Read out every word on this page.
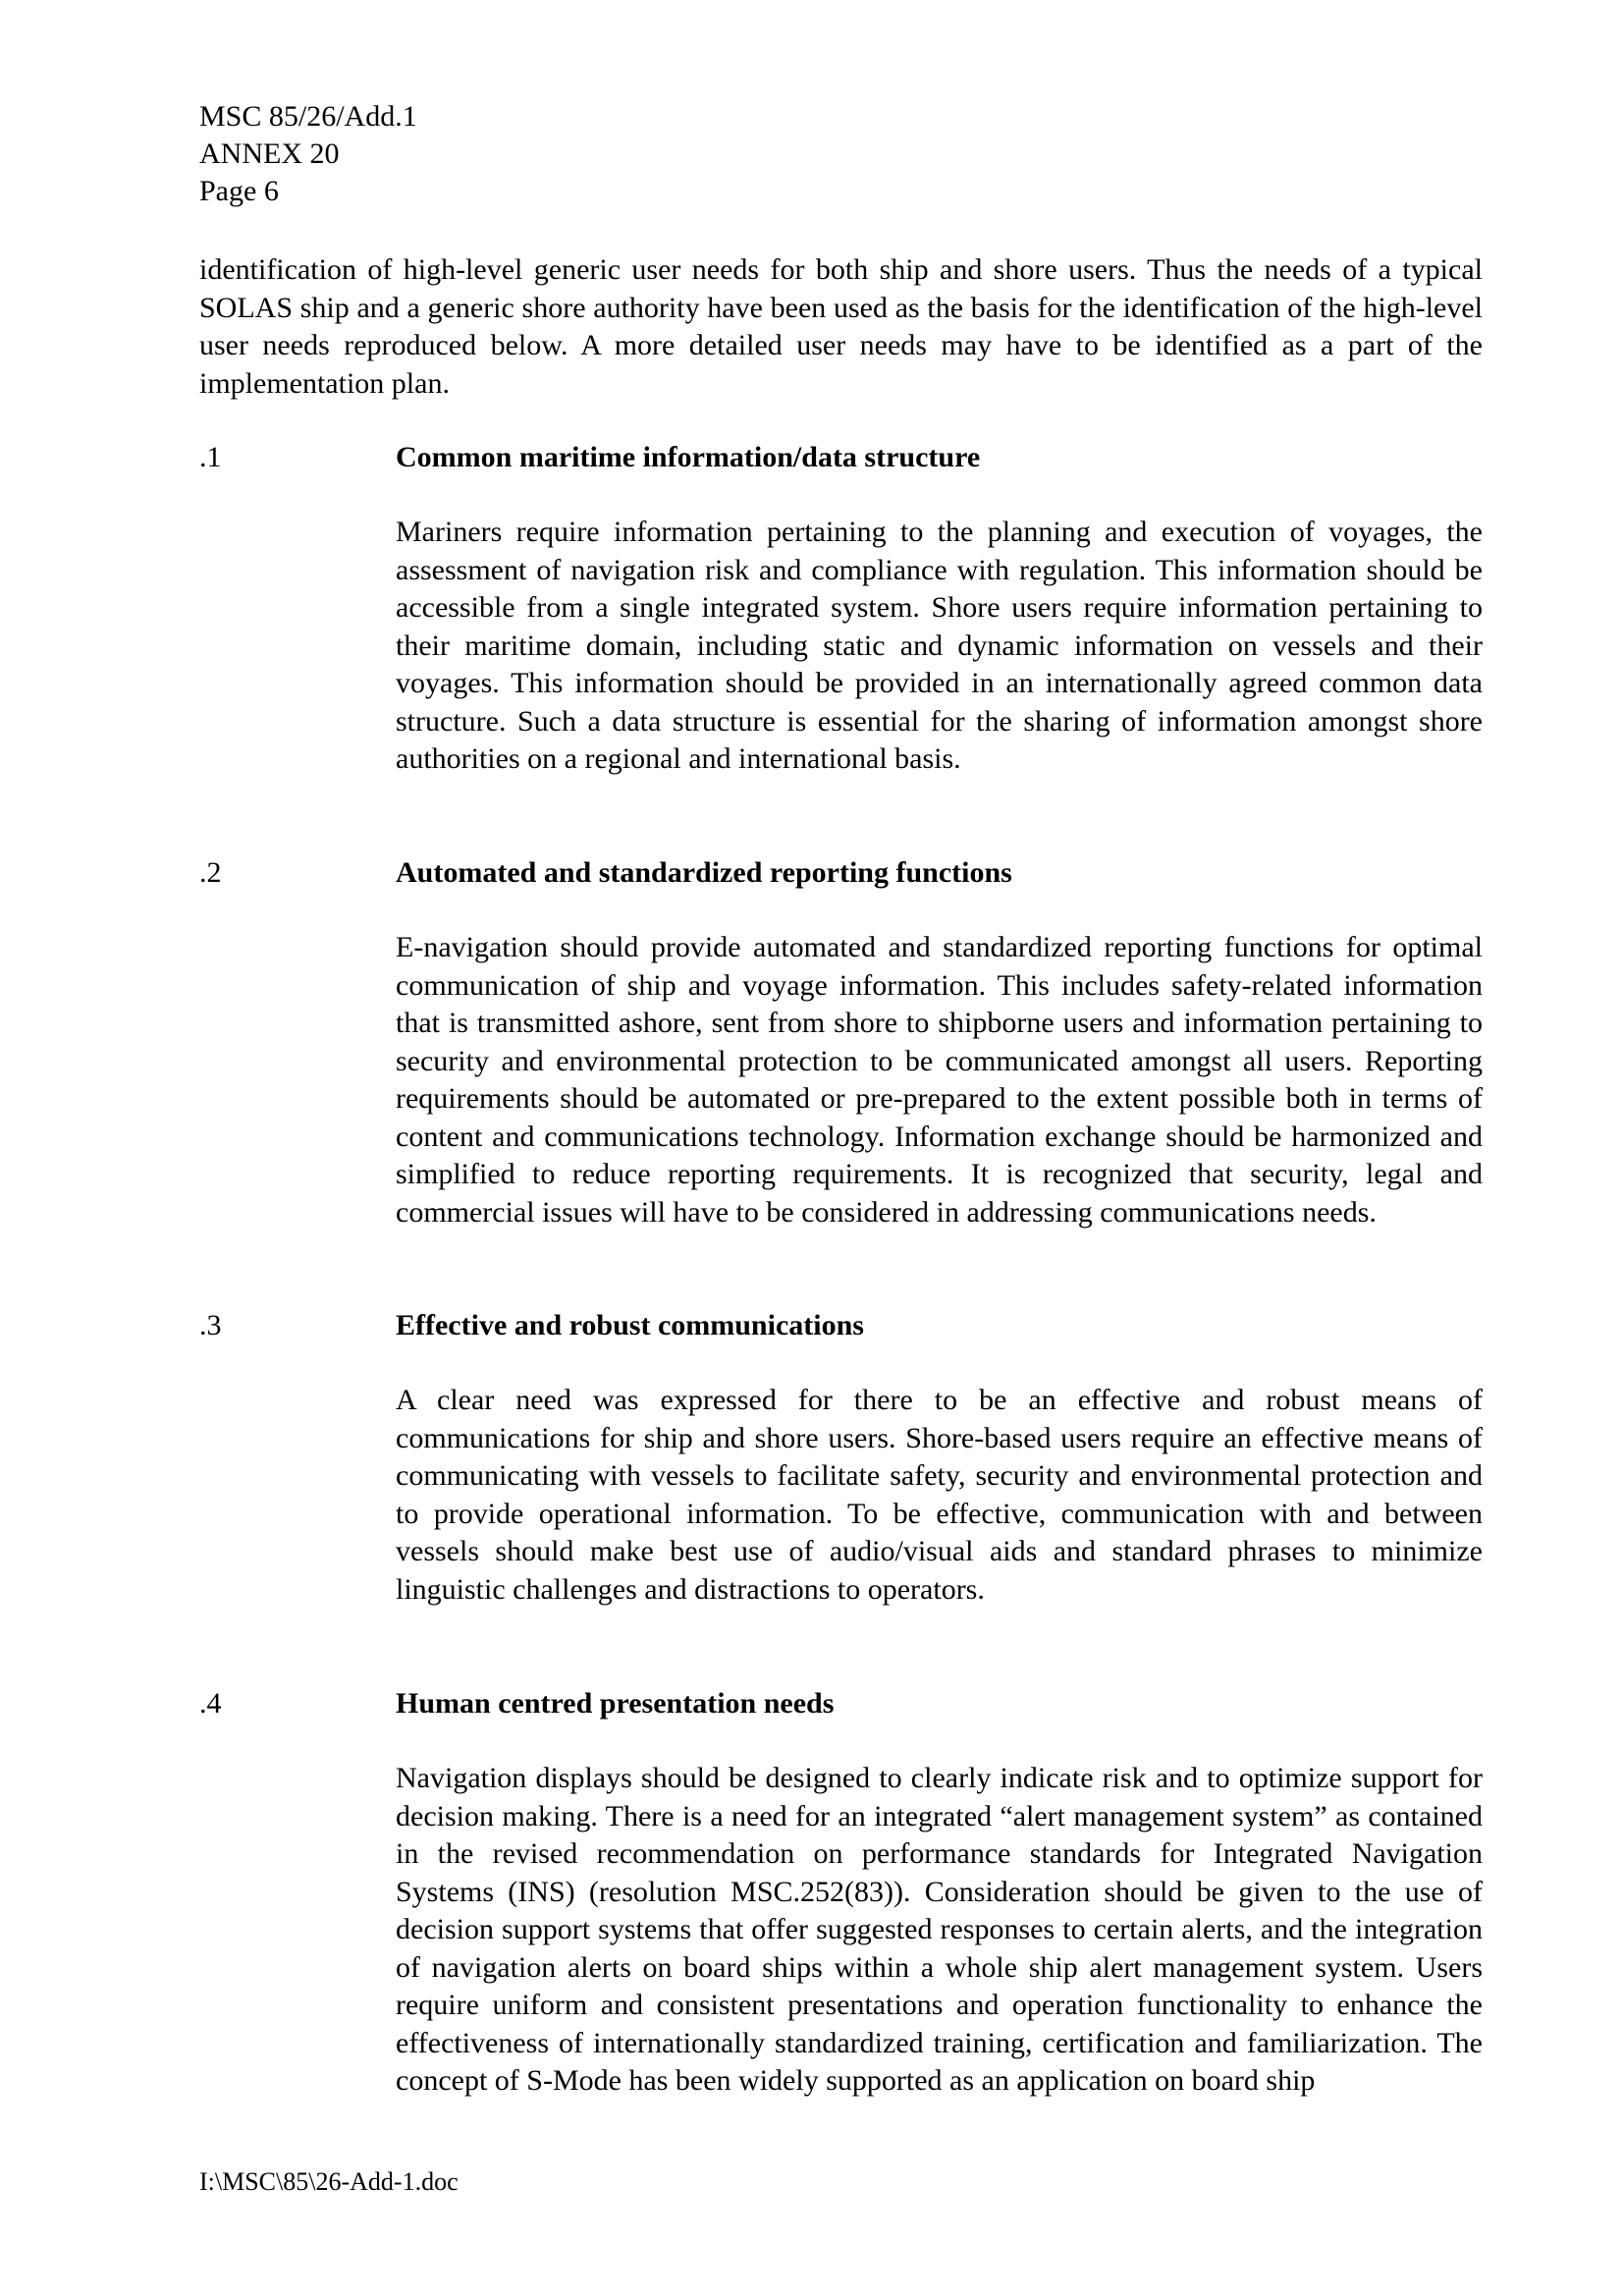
MSC 85/26/Add.1
ANNEX 20
Page 6
identification of high-level generic user needs for both ship and shore users. Thus the needs of a typical SOLAS ship and a generic shore authority have been used as the basis for the identification of the high-level user needs reproduced below. A more detailed user needs may have to be identified as a part of the implementation plan.
.1	Common maritime information/data structure
Mariners require information pertaining to the planning and execution of voyages, the assessment of navigation risk and compliance with regulation. This information should be accessible from a single integrated system. Shore users require information pertaining to their maritime domain, including static and dynamic information on vessels and their voyages. This information should be provided in an internationally agreed common data structure. Such a data structure is essential for the sharing of information amongst shore authorities on a regional and international basis.
.2	Automated and standardized reporting functions
E-navigation should provide automated and standardized reporting functions for optimal communication of ship and voyage information. This includes safety-related information that is transmitted ashore, sent from shore to shipborne users and information pertaining to security and environmental protection to be communicated amongst all users. Reporting requirements should be automated or pre-prepared to the extent possible both in terms of content and communications technology. Information exchange should be harmonized and simplified to reduce reporting requirements. It is recognized that security, legal and commercial issues will have to be considered in addressing communications needs.
.3	Effective and robust communications
A clear need was expressed for there to be an effective and robust means of communications for ship and shore users. Shore-based users require an effective means of communicating with vessels to facilitate safety, security and environmental protection and to provide operational information. To be effective, communication with and between vessels should make best use of audio/visual aids and standard phrases to minimize linguistic challenges and distractions to operators.
.4	Human centred presentation needs
Navigation displays should be designed to clearly indicate risk and to optimize support for decision making. There is a need for an integrated “alert management system” as contained in the revised recommendation on performance standards for Integrated Navigation Systems (INS) (resolution MSC.252(83)). Consideration should be given to the use of decision support systems that offer suggested responses to certain alerts, and the integration of navigation alerts on board ships within a whole ship alert management system. Users require uniform and consistent presentations and operation functionality to enhance the effectiveness of internationally standardized training, certification and familiarization. The concept of S-Mode has been widely supported as an application on board ship
I:\MSC\85\26-Add-1.doc
